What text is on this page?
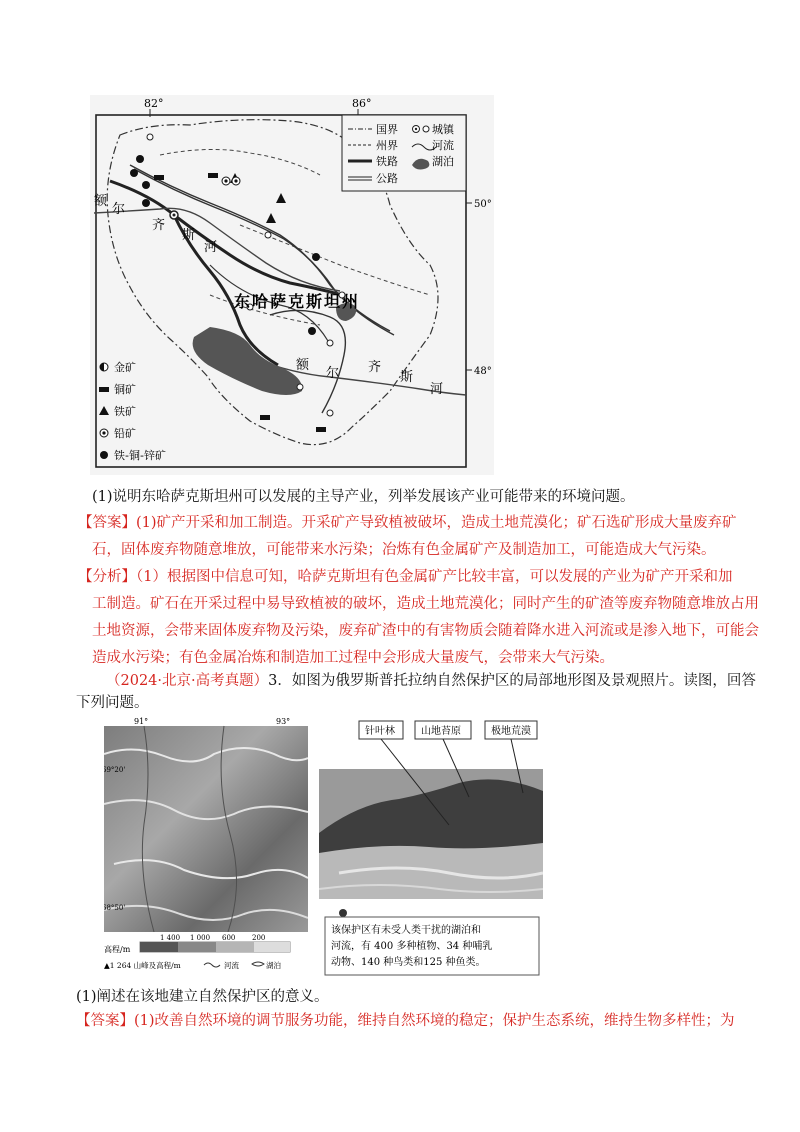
82°	86°
50°
48°
额
尔
齐
斯
河
东哈萨克斯坦州
额
尔 齐
斯
河
国界	城镇
州界	河流
铁路	湖泊
公路
金矿
铜矿
铁矿
铅矿
铁-铜-锌矿
(1)说明东哈萨克斯坦州可以发展的主导产业，列举发展该产业可能带来的环境问题。
【答案】(1)矿产开采和加工制造。开采矿产导致植被破坏，造成土地荒漠化；矿石选矿形成大量废弃矿
石，固体废弃物随意堆放，可能带来水污染；冶炼有色金属矿产及制造加工，可能造成大气污染。
【分析】（1）根据图中信息可知，哈萨克斯坦有色金属矿产比较丰富，可以发展的产业为矿产开采和加
工制造。矿石在开采过程中易导致植被的破坏，造成土地荒漠化；同时产生的矿渣等废弃物随意堆放占用
土地资源，会带来固体废弃物及污染，废弃矿渣中的有害物质会随着降水进入河流或是渗入地下，可能会
造成水污染；有色金属冶炼和制造加工过程中会形成大量废气，会带来大气污染。
（2024·北京·高考真题）3．如图为俄罗斯普托拉纳自然保护区的局部地形图及景观照片。读图，回答
下列问题。
91°	93°
69°20'
68°50'
高程/m
1 400 1 000 600 200
▲1 264 山峰及高程/m	河流	湖泊
针叶林	山地苔原	极地荒漠
该保护区有未受人类干扰的湖泊和
河流，有 400 多种植物、34 种哺乳
动物、140 种鸟类和125 种鱼类。
(1)阐述在该地建立自然保护区的意义。
【答案】(1)改善自然环境的调节服务功能，维持自然环境的稳定；保护生态系统，维持生物多样性；为
